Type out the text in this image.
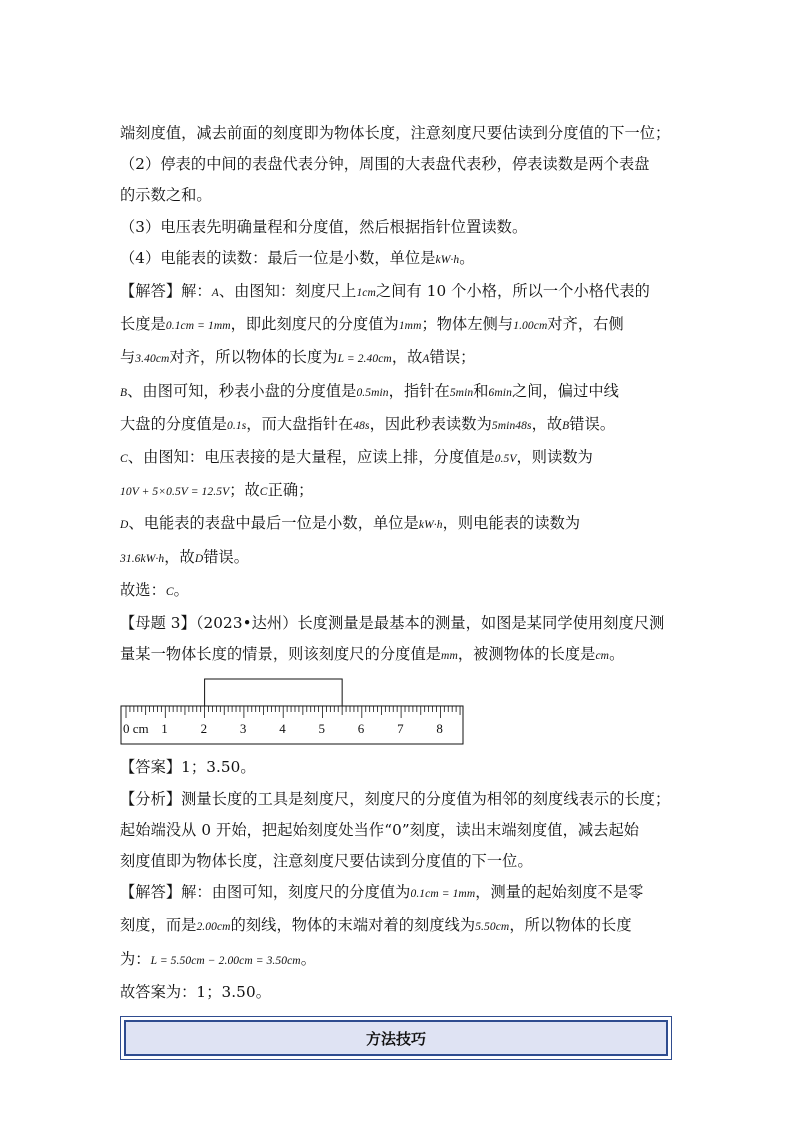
端刻度值，减去前面的刻度即为物体长度，注意刻度尺要估读到分度值的下一位；

（2）停表的中间的表盘代表分钟，周围的大表盘代表秒，停表读数是两个表盘

的示数之和。

（3）电压表先明确量程和分度值，然后根据指针位置读数。

（4）电能表的读数：最后一位是小数，单位是kW·h。

【解答】解：A、由图知：刻度尺上1cm之间有 10 个小格，所以一个小格代表的

长度是0.1cm = 1mm，即此刻度尺的分度值为1mm；物体左侧与1.00cm对齐，右侧

与3.40cm对齐，所以物体的长度为L = 2.40cm，故A错误；

B、由图可知，秒表小盘的分度值是0.5min，指针在5min和6min之间，偏过中线

大盘的分度值是0.1s，而大盘指针在48s，因此秒表读数为5min48s，故B错误。

C、由图知：电压表接的是大量程，应读上排，分度值是0.5V，则读数为

10V + 5×0.5V = 12.5V；故C正确；

D、电能表的表盘中最后一位是小数，单位是kW·h，则电能表的读数为

31.6kW·h，故D错误。

故选：C。

【母题 3】（2023•达州）长度测量是最基本的测量，如图是某同学使用刻度尺测

量某一物体长度的情景，则该刻度尺的分度值是mm，被测物体的长度是cm。

0 cm 1	2	3	4	5	6	7	8

【答案】1；3.50。

【分析】测量长度的工具是刻度尺，刻度尺的分度值为相邻的刻度线表示的长度；

起始端没从 0 开始，把起始刻度处当作“0”刻度，读出末端刻度值，减去起始

刻度值即为物体长度，注意刻度尺要估读到分度值的下一位。

【解答】解：由图可知，刻度尺的分度值为0.1cm = 1mm，测量的起始刻度不是零

刻度，而是2.00cm的刻线，物体的末端对着的刻度线为5.50cm，所以物体的长度

为：L = 5.50cm − 2.00cm = 3.50cm。

故答案为：1；3.50。

方法技巧
